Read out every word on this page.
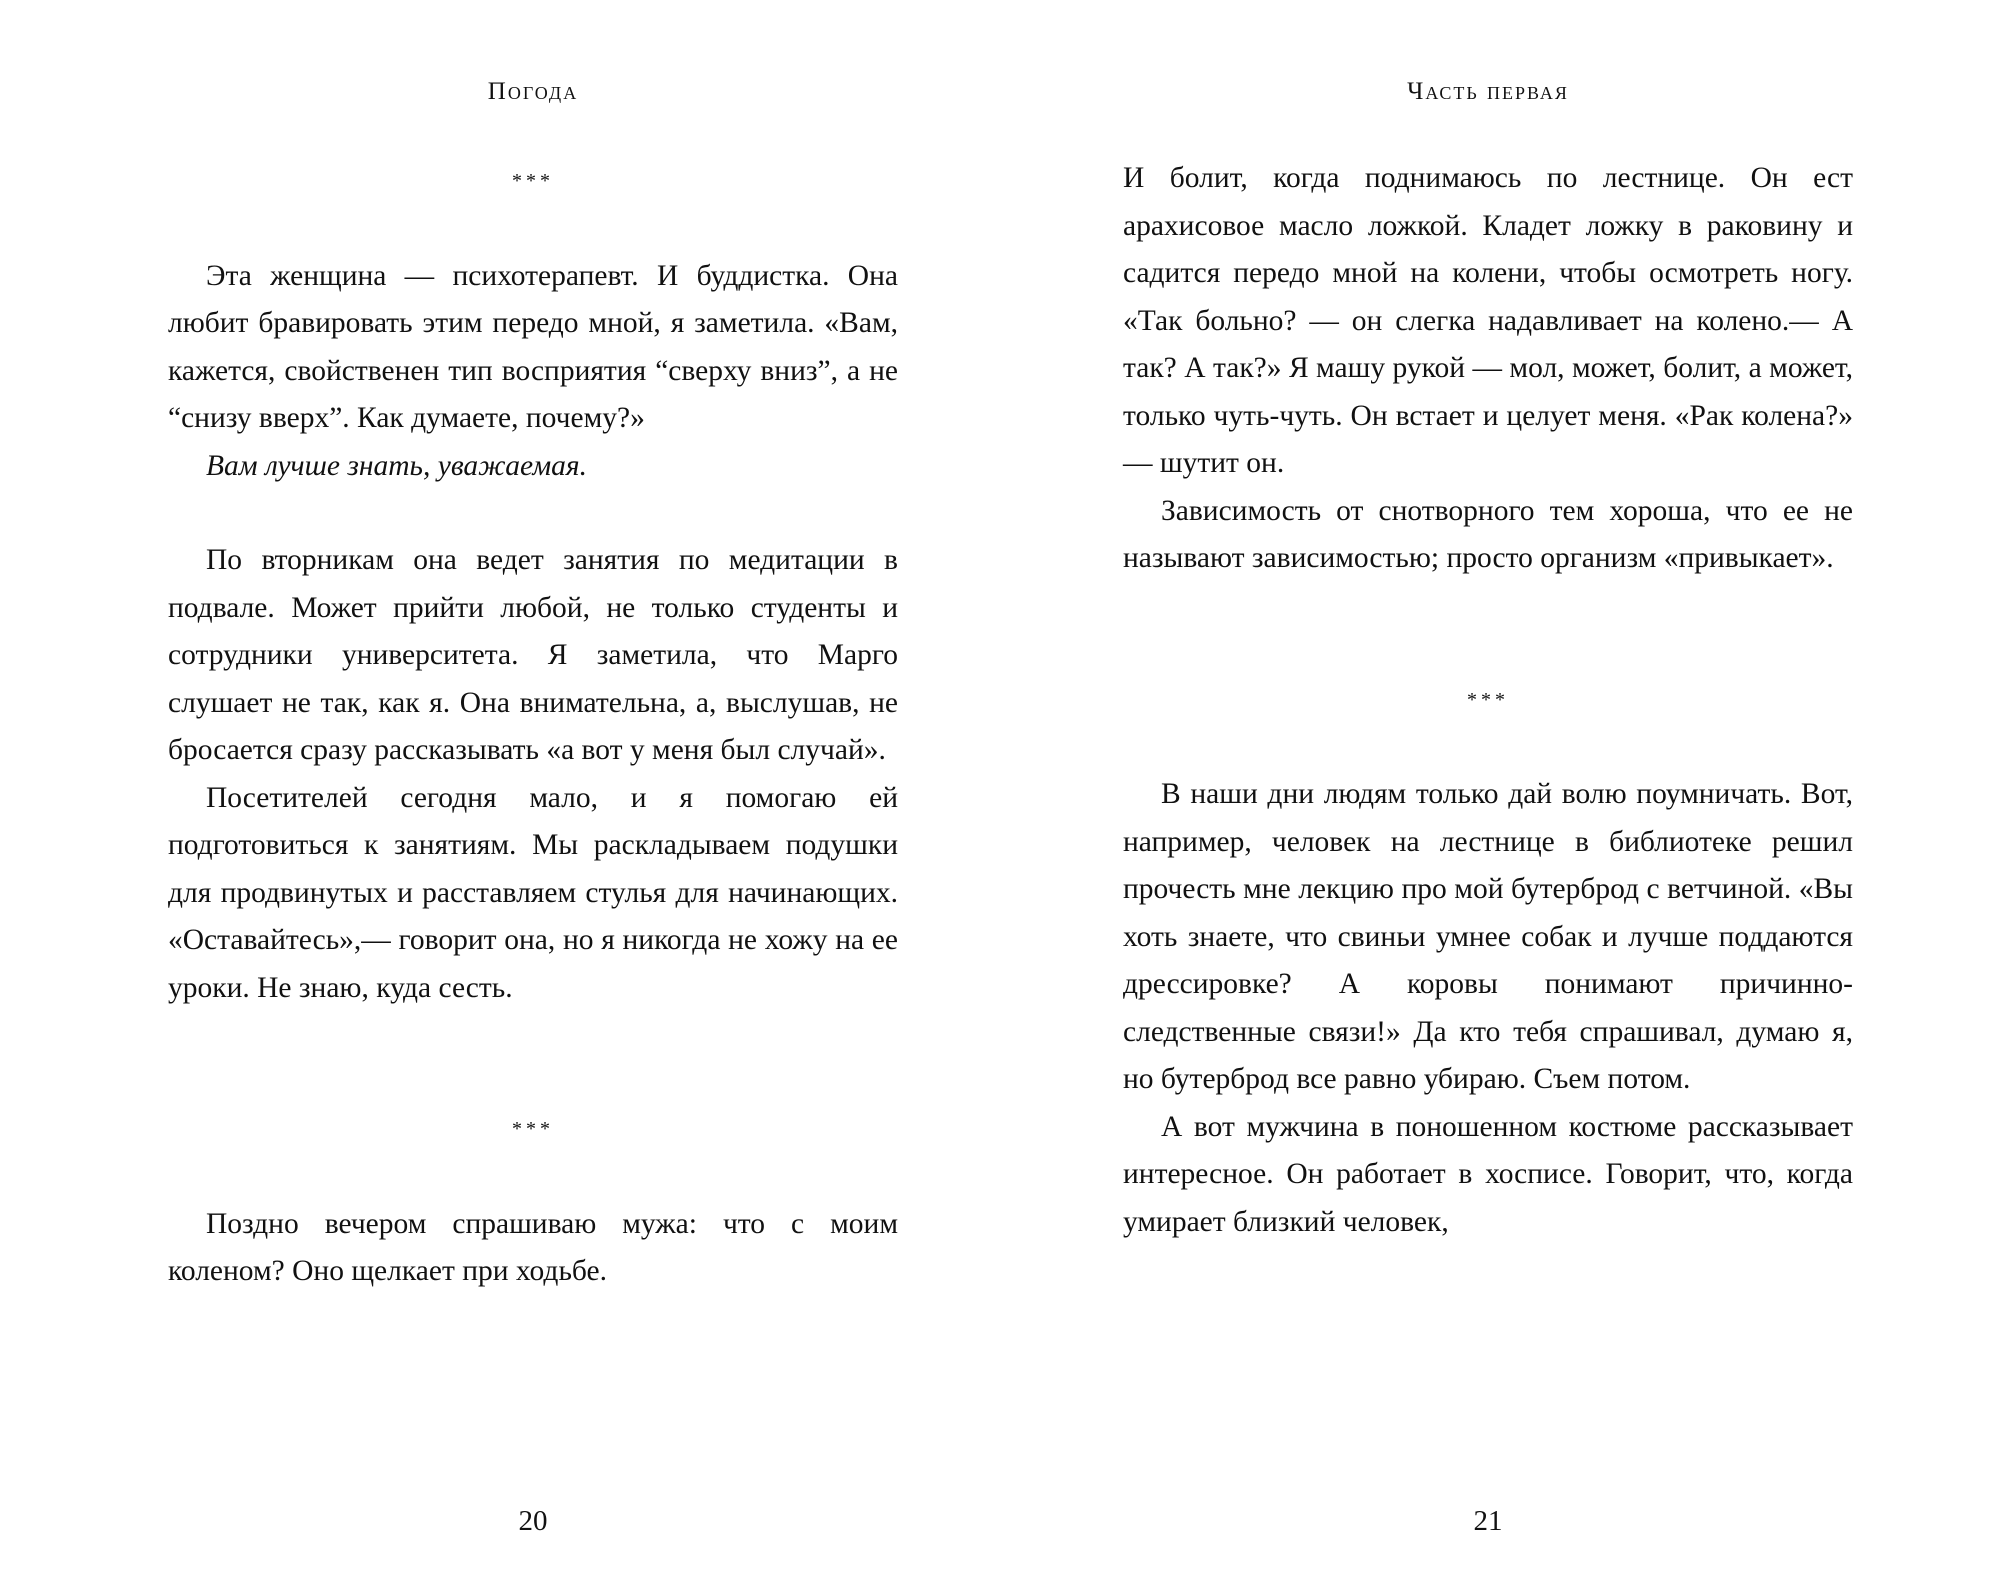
Погода

***

Эта женщина — психотерапевт. И буддистка. Она любит бравировать этим передо мной, я заметила. «Вам, кажется, свойственен тип восприятия “сверху вниз”, а не “снизу вверх”. Как думаете, почему?»

Вам лучше знать, уважаемая.

По вторникам она ведет занятия по медитации в подвале. Может прийти любой, не только студенты и сотрудники университета. Я заметила, что Марго слушает не так, как я. Она внимательна, а, выслушав, не бросается сразу рассказывать «а вот у меня был случай».

Посетителей сегодня мало, и я помогаю ей подготовиться к занятиям. Мы раскладываем подушки для продвинутых и расставляем стулья для начинающих. «Оставайтесь»,— говорит она, но я никогда не хожу на ее уроки. Не знаю, куда сесть.

***

Поздно вечером спрашиваю мужа: что с моим коленом? Оно щелкает при ходьбе.

20
Часть первая

И болит, когда поднимаюсь по лестнице. Он ест арахисовое масло ложкой. Кладет ложку в раковину и садится передо мной на колени, чтобы осмотреть ногу. «Так больно? — он слегка надавливает на колено.— А так? А так?» Я машу рукой — мол, может, болит, а может, только чуть-чуть. Он встает и целует меня. «Рак колена?» — шутит он.

Зависимость от снотворного тем хороша, что ее не называют зависимостью; просто организм «привыкает».

***

В наши дни людям только дай волю поумничать. Вот, например, человек на лестнице в библиотеке решил прочесть мне лекцию про мой бутерброд с ветчиной. «Вы хоть знаете, что свиньи умнее собак и лучше поддаются дрессировке? А коровы понимают причинно-следственные связи!» Да кто тебя спрашивал, думаю я, но бутерброд все равно убираю. Съем потом.

А вот мужчина в поношенном костюме рассказывает интересное. Он работает в хосписе. Говорит, что, когда умирает близкий человек,

21
